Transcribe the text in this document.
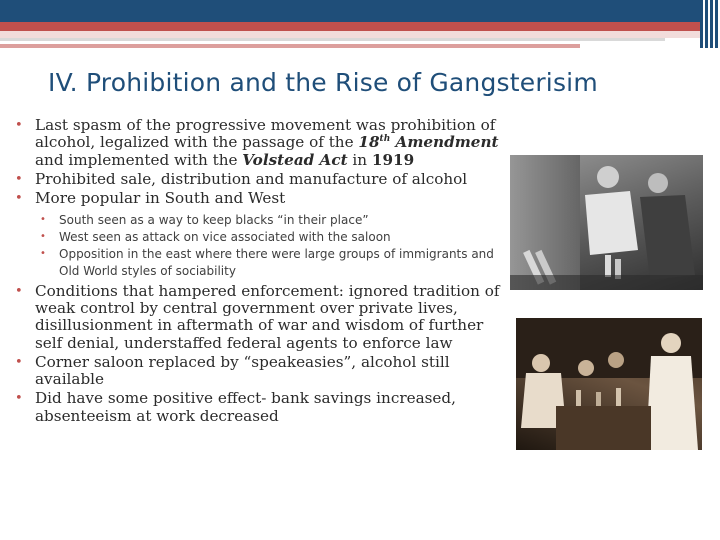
IV. Prohibition and the Rise of Gangsterisim
• Last spasm of the progressive movement was prohibition of alcohol, legalized with the passage of the 18th Amendment and implemented with the Volstead Act in 1919
• Prohibited sale, distribution and manufacture of alcohol
• More popular in South and West
• South seen as a way to keep blacks “in their place”
• West seen as attack on vice associated with the saloon
• Opposition in the east where there were large groups of immigrants and Old World styles of sociability
• Conditions that hampered enforcement: ignored tradition of weak control by central government over private lives, disillusionment in aftermath of war and wisdom of further self denial, understaffed federal agents to enforce law
• Corner saloon replaced by “speakeasies”, alcohol still available
• Did have some positive effect- bank savings increased, absenteeism at work decreased
